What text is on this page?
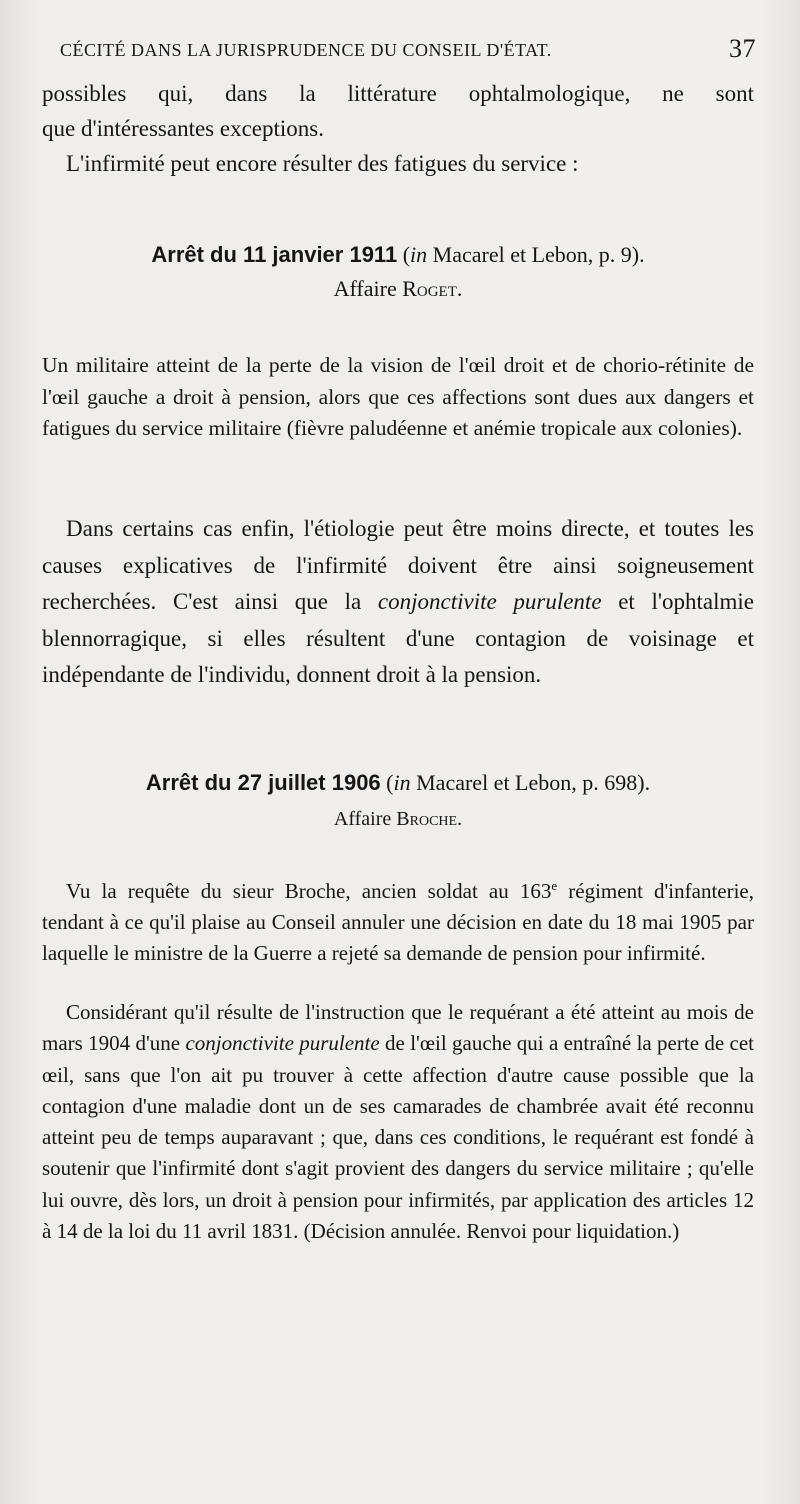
CÉCITÉ DANS LA JURISPRUDENCE DU CONSEIL D'ÉTAT.	37

possibles qui, dans la littérature ophtalmologique, ne sont

que d'intéressantes exceptions.

L'infirmité peut encore résulter des fatigues du service :

Arrêt du 11 janvier 1911 (in Macarel et Lebon, p. 9).

Affaire Roget.

Un militaire atteint de la perte de la vision de l'œil droit et de chorio-rétinite de l'œil gauche a droit à pension, alors que ces affections sont dues aux dangers et fatigues du service militaire (fièvre paludéenne et anémie tropicale aux colonies).

Dans certains cas enfin, l'étiologie peut être moins directe, et toutes les causes explicatives de l'infirmité doivent être ainsi soigneusement recherchées. C'est ainsi que la conjonctivite purulente et l'ophtalmie blennorragique, si elles résultent d'une contagion de voisinage et indépendante de l'individu, donnent droit à la pension.

Arrêt du 27 juillet 1906 (in Macarel et Lebon, p. 698).

Affaire Broche.

Vu la requête du sieur Broche, ancien soldat au 163e régiment d'infanterie, tendant à ce qu'il plaise au Conseil annuler une décision en date du 18 mai 1905 par laquelle le ministre de la Guerre a rejeté sa demande de pension pour infirmité.

Considérant qu'il résulte de l'instruction que le requérant a été atteint au mois de mars 1904 d'une conjonctivite purulente de l'œil gauche qui a entraîné la perte de cet œil, sans que l'on ait pu trouver à cette affection d'autre cause possible que la contagion d'une maladie dont un de ses camarades de chambrée avait été reconnu atteint peu de temps auparavant ; que, dans ces conditions, le requérant est fondé à soutenir que l'infirmité dont s'agit provient des dangers du service militaire ; qu'elle lui ouvre, dès lors, un droit à pension pour infirmités, par application des articles 12 à 14 de la loi du 11 avril 1831. (Décision annulée. Renvoi pour liquidation.)
